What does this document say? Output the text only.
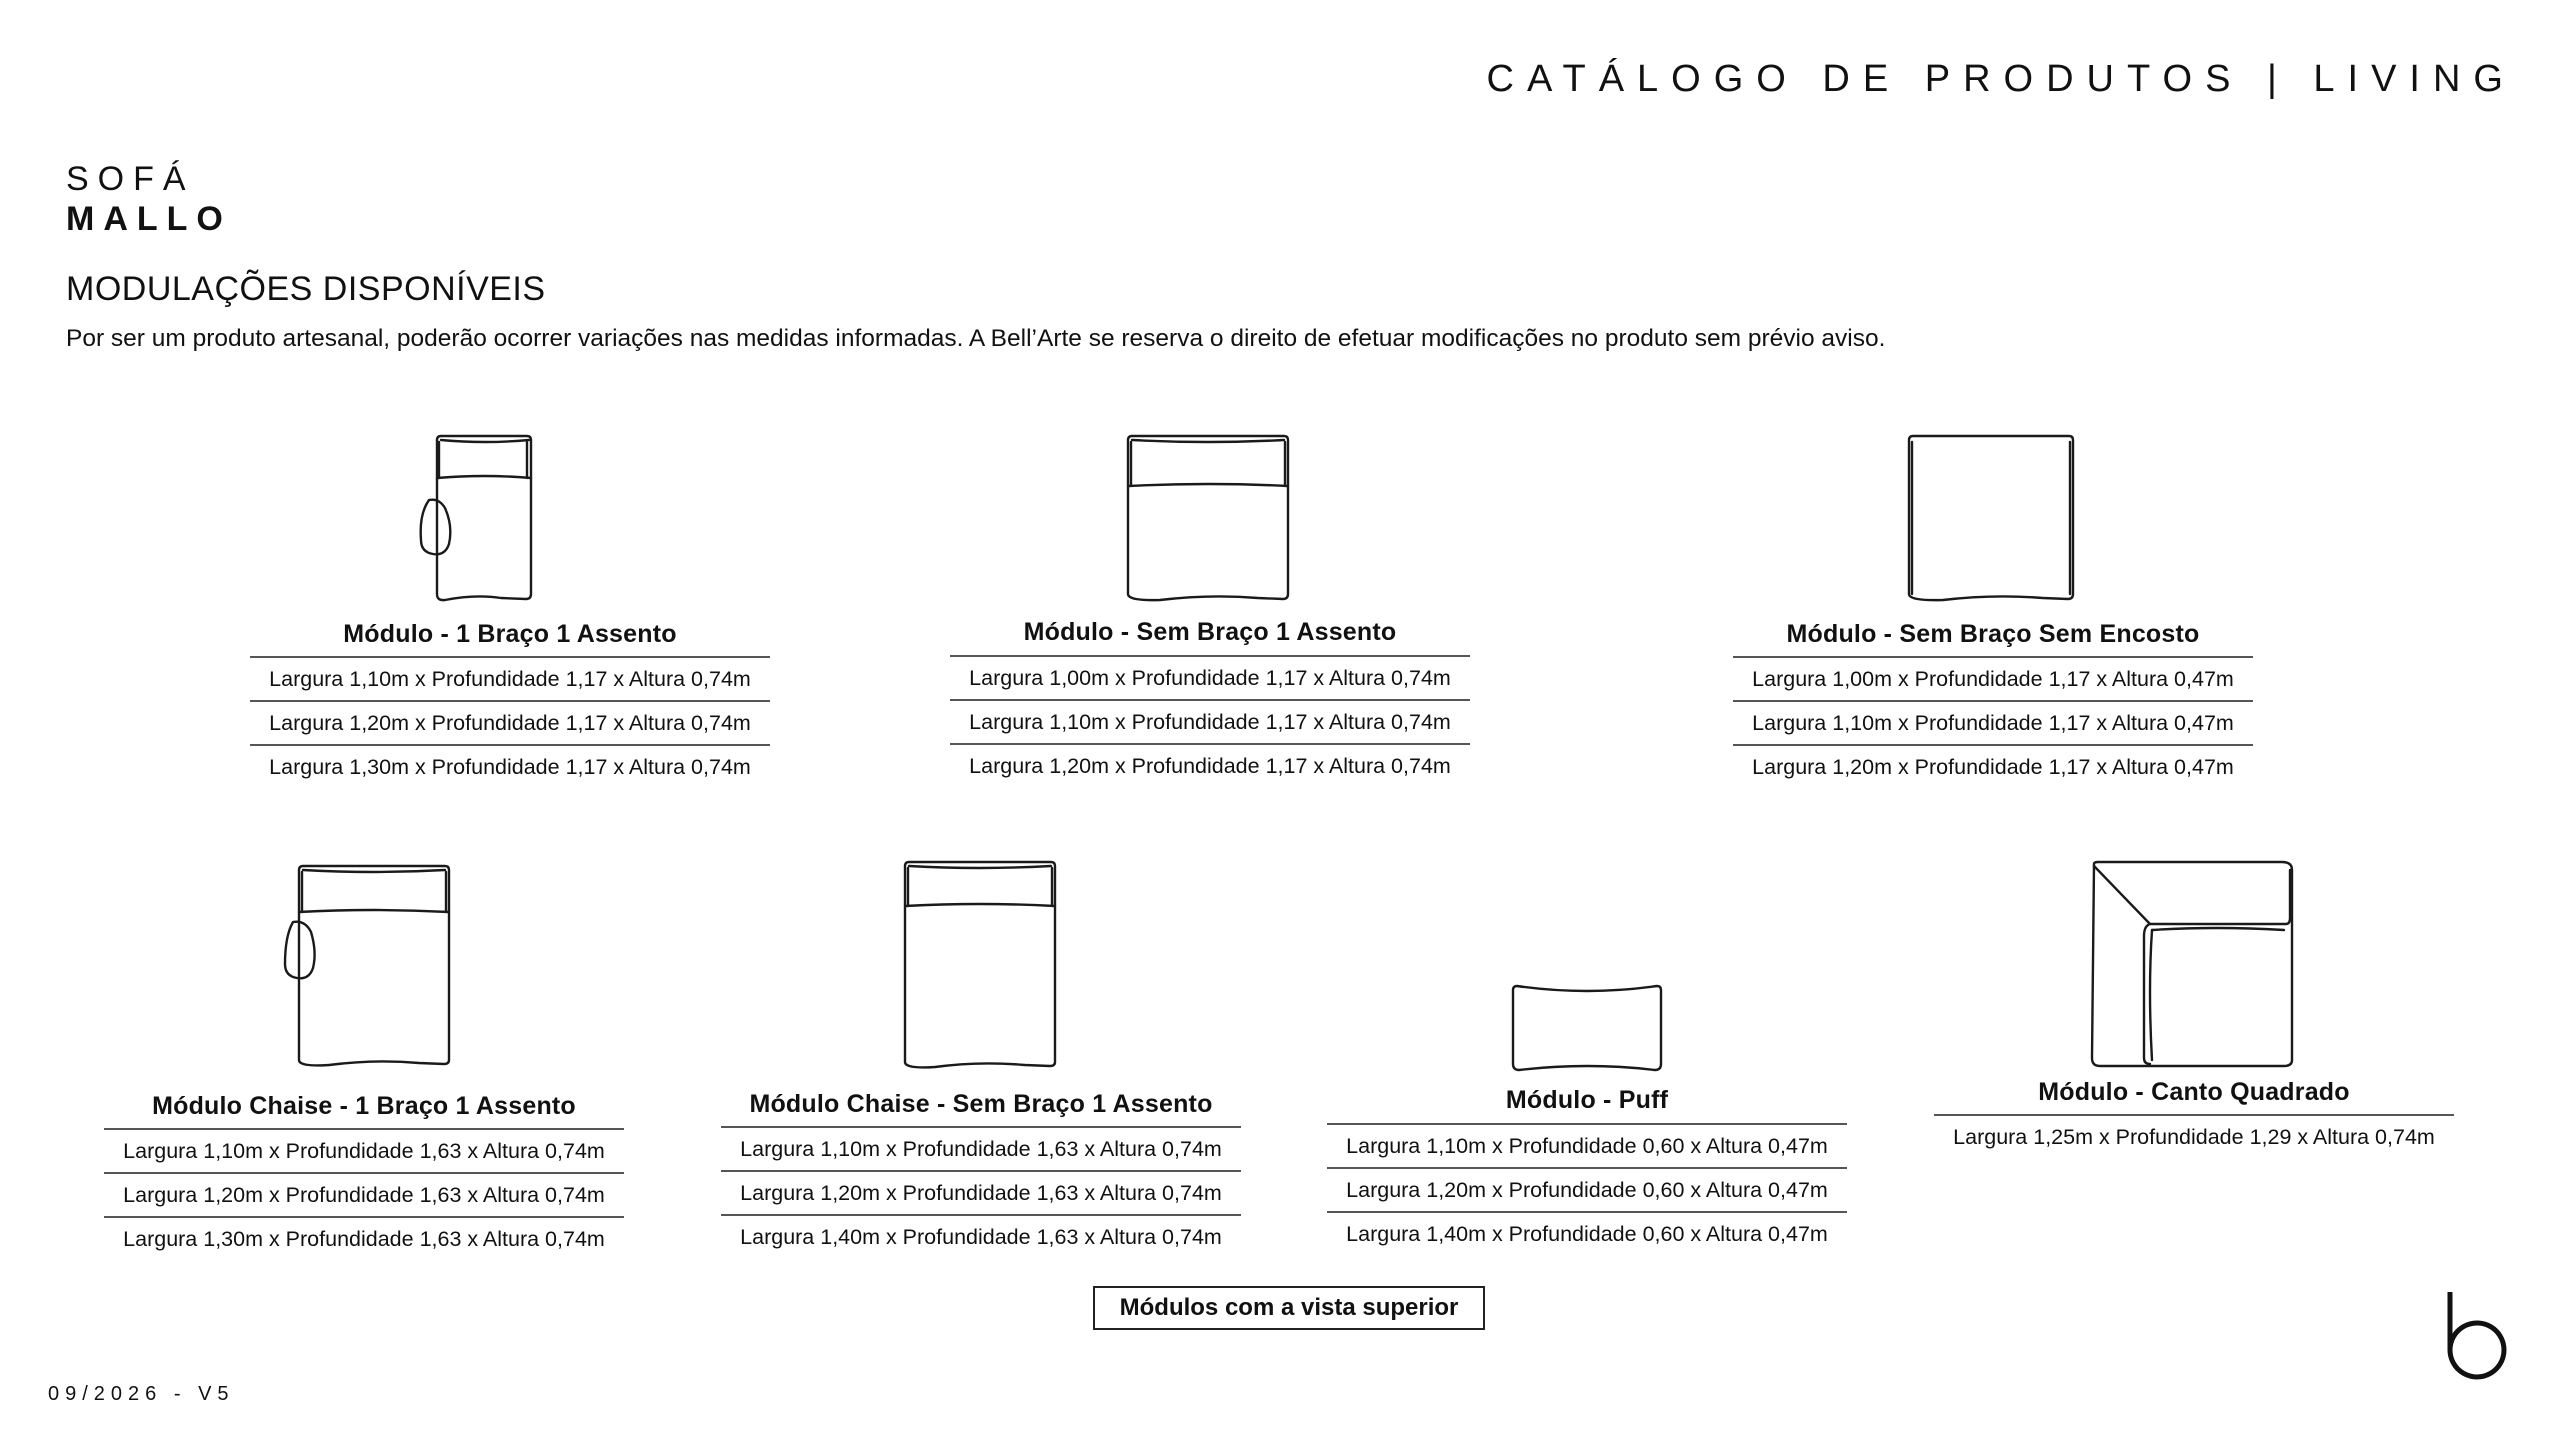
CATÁLOGO DE PRODUTOS | LIVING
SOFÁ
MALLO
MODULAÇÕES DISPONÍVEIS
Por ser um produto artesanal, poderão ocorrer variações nas medidas informadas. A Bell’Arte se reserva o direito de efetuar modificações no produto sem prévio aviso.
Módulo - 1 Braço 1 Assento
Largura 1,10m x Profundidade 1,17 x Altura 0,74m
Largura 1,20m x Profundidade 1,17 x Altura 0,74m
Largura 1,30m x Profundidade 1,17 x Altura 0,74m
Módulo - Sem Braço 1 Assento
Largura 1,00m x Profundidade 1,17 x Altura 0,74m
Largura 1,10m x Profundidade 1,17 x Altura 0,74m
Largura 1,20m x Profundidade 1,17 x Altura 0,74m
Módulo - Sem Braço Sem Encosto
Largura 1,00m x Profundidade 1,17 x Altura 0,47m
Largura 1,10m x Profundidade 1,17 x Altura 0,47m
Largura 1,20m x Profundidade 1,17 x Altura 0,47m
Módulo Chaise - 1 Braço 1 Assento
Largura 1,10m x Profundidade 1,63 x Altura 0,74m
Largura 1,20m x Profundidade 1,63 x Altura 0,74m
Largura 1,30m x Profundidade 1,63 x Altura 0,74m
Módulo Chaise - Sem Braço 1 Assento
Largura 1,10m x Profundidade 1,63 x Altura 0,74m
Largura 1,20m x Profundidade 1,63 x Altura 0,74m
Largura 1,40m x Profundidade 1,63 x Altura 0,74m
Módulo - Puff
Largura 1,10m x Profundidade 0,60 x Altura 0,47m
Largura 1,20m x Profundidade 0,60 x Altura 0,47m
Largura 1,40m x Profundidade 0,60 x Altura 0,47m
Módulo - Canto Quadrado
Largura 1,25m x Profundidade 1,29 x Altura 0,74m
Módulos com a vista superior
09/2026 - V5
